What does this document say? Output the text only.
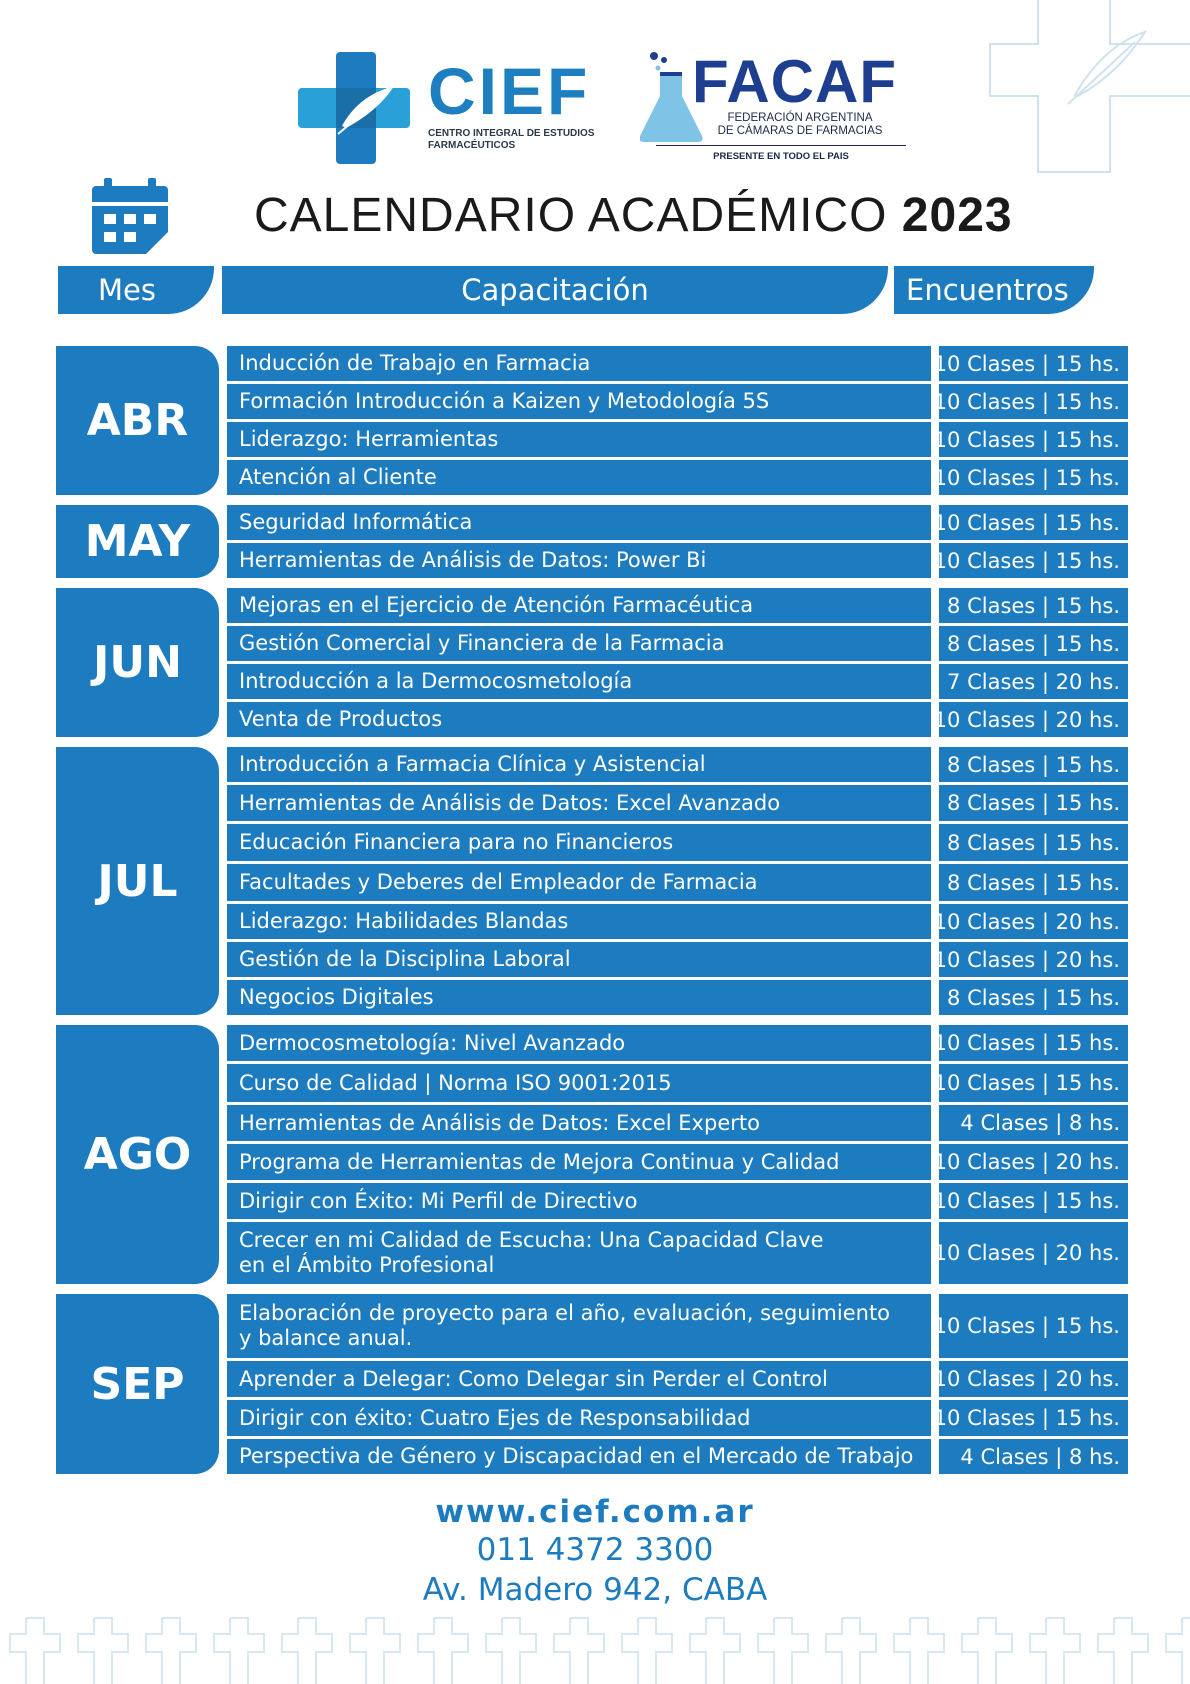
CIEF
CENTRO INTEGRAL DE ESTUDIOS
FARMACÉUTICOS
FACAF
FEDERACIÓN ARGENTINA
DE CÁMARAS DE FARMACIAS
PRESENTE EN TODO EL PAIS
CALENDARIO ACADÉMICO 2023
Mes	Capacitación	Encuentros
ABR
Inducción de Trabajo en Farmacia	10 Clases | 15 hs.
Formación Introducción a Kaizen y Metodología 5S	10 Clases | 15 hs.
Liderazgo: Herramientas	10 Clases | 15 hs.
Atención al Cliente	10 Clases | 15 hs.
MAY	Seguridad Informática	10 Clases | 15 hs.
Herramientas de Análisis de Datos: Power Bi	10 Clases | 15 hs.
JUN
Mejoras en el Ejercicio de Atención Farmacéutica	8 Clases | 15 hs.
Gestión Comercial y Financiera de la Farmacia	8 Clases | 15 hs.
Introducción a la Dermocosmetología	7 Clases | 20 hs.
Venta de Productos	10 Clases | 20 hs.
JUL
Introducción a Farmacia Clínica y Asistencial	8 Clases | 15 hs.
Herramientas de Análisis de Datos: Excel Avanzado	8 Clases | 15 hs.
Educación Financiera para no Financieros	8 Clases | 15 hs.
Facultades y Deberes del Empleador de Farmacia	8 Clases | 15 hs.
Liderazgo: Habilidades Blandas	10 Clases | 20 hs.
Gestión de la Disciplina Laboral	10 Clases | 20 hs.
Negocios Digitales	8 Clases | 15 hs.
AGO
Dermocosmetología: Nivel Avanzado	10 Clases | 15 hs.
Curso de Calidad | Norma ISO 9001:2015	10 Clases | 15 hs.
Herramientas de Análisis de Datos: Excel Experto	4 Clases | 8 hs.
Programa de Herramientas de Mejora Continua y Calidad	10 Clases | 20 hs.
Dirigir con Éxito: Mi Perfil de Directivo	10 Clases | 15 hs.
Crecer en mi Calidad de Escucha: Una Capacidad Clave
en el Ámbito Profesional	10 Clases | 20 hs.
SEP
Elaboración de proyecto para el año, evaluación, seguimiento
y balance anual.	10 Clases | 15 hs.
Aprender a Delegar: Como Delegar sin Perder el Control	10 Clases | 20 hs.
Dirigir con éxito: Cuatro Ejes de Responsabilidad	10 Clases | 15 hs.
Perspectiva de Género y Discapacidad en el Mercado de Trabajo	4 Clases | 8 hs.
www.cief.com.ar
011 4372 3300
Av. Madero 942, CABA
